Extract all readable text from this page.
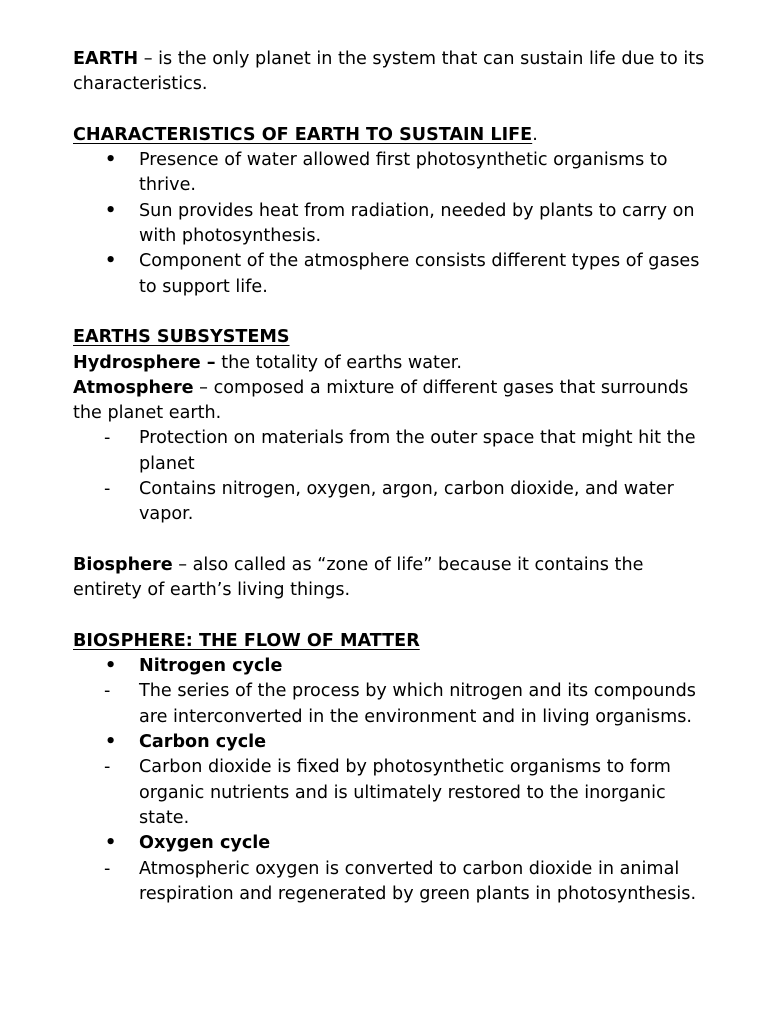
EARTH – is the only planet in the system that can sustain life due to its characteristics.

CHARACTERISTICS OF EARTH TO SUSTAIN LIFE.

•	Presence of water allowed first photosynthetic organisms to thrive.
•	Sun provides heat from radiation, needed by plants to carry on with photosynthesis.
•	Component of the atmosphere consists different types of gases to support life.

EARTHS SUBSYSTEMS

Hydrosphere – the totality of earths water.

Atmosphere – composed a mixture of different gases that surrounds the planet earth.

-	Protection on materials from the outer space that might hit the planet
-	Contains nitrogen, oxygen, argon, carbon dioxide, and water vapor.

Biosphere – also called as “zone of life” because it contains the entirety of earth’s living things.

BIOSPHERE: THE FLOW OF MATTER

•	Nitrogen cycle
-	The series of the process by which nitrogen and its compounds are interconverted in the environment and in living organisms.
•	Carbon cycle
-	Carbon dioxide is fixed by photosynthetic organisms to form organic nutrients and is ultimately restored to the inorganic state.
•	Oxygen cycle
-	Atmospheric oxygen is converted to carbon dioxide in animal respiration and regenerated by green plants in photosynthesis.
